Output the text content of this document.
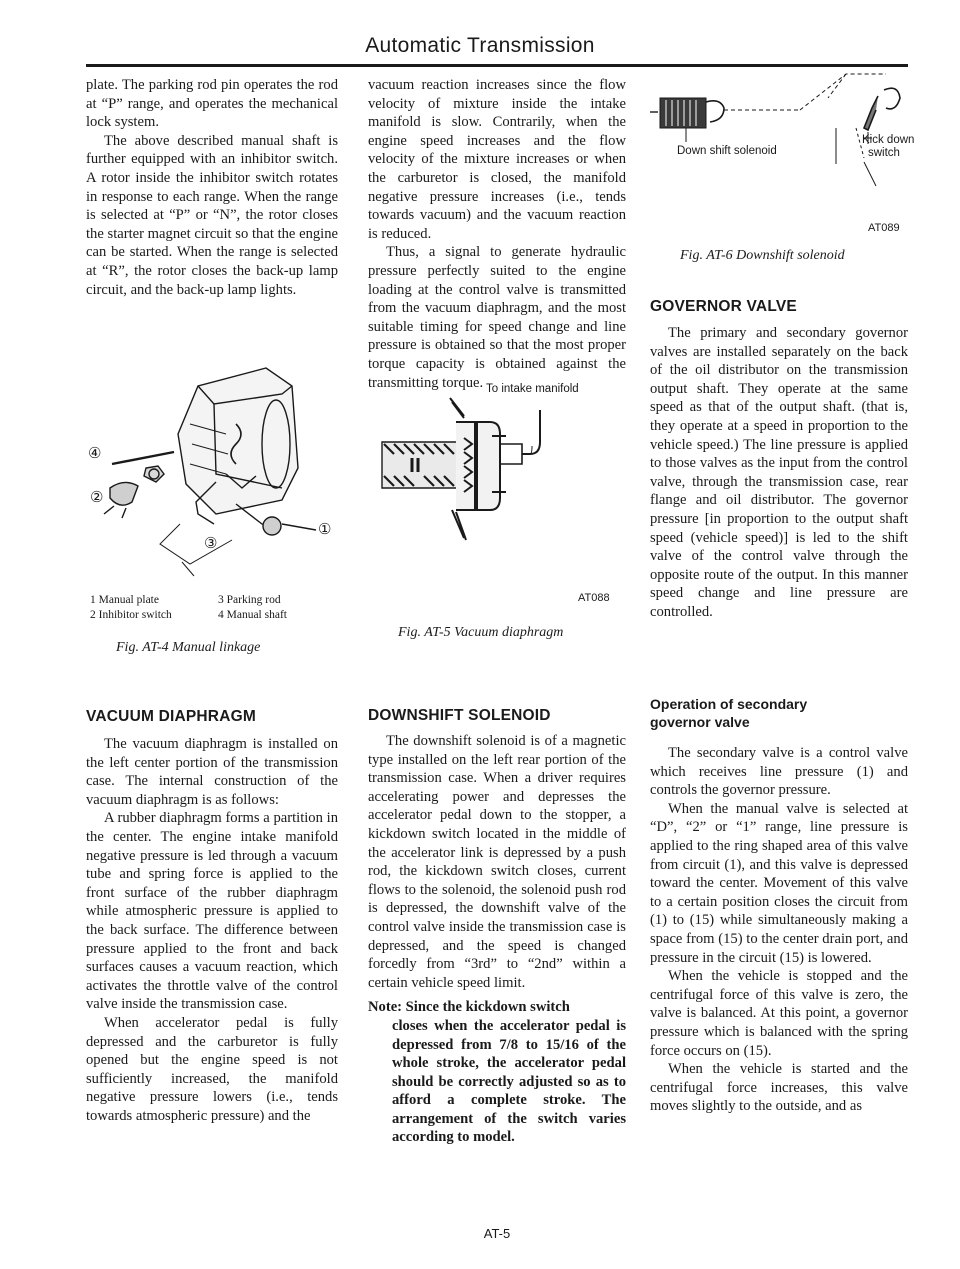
Automatic Transmission

plate. The parking rod pin operates the rod at “P” range, and operates the mechanical lock system.

The above described manual shaft is further equipped with an inhibitor switch. A rotor inside the inhibitor switch rotates in response to each range. When the range is selected at “P” or “N”, the rotor closes the starter magnet circuit so that the engine can be started. When the range is selected at “R”, the rotor closes the back-up lamp circuit, and the back-up lamp lights.

④
②
③
①
1 Manual plate
2 Inhibitor switch
3 Parking rod
4 Manual shaft
Fig. AT-4 Manual linkage
VACUUM DIAPHRAGM

The vacuum diaphragm is installed on the left center portion of the transmission case. The internal construction of the vacuum diaphragm is as follows:

A rubber diaphragm forms a partition in the center. The engine intake manifold negative pressure is led through a vacuum tube and spring force is applied to the front surface of the rubber diaphragm while atmospheric pressure is applied to the back surface. The difference between pressure applied to the front and back surfaces causes a vacuum reaction, which activates the throttle valve of the control valve inside the transmission case.

When accelerator pedal is fully depressed and the carburetor is fully opened but the engine speed is not sufficiently increased, the manifold negative pressure lowers (i.e., tends towards atmospheric pressure) and the

vacuum reaction increases since the flow velocity of mixture inside the intake manifold is slow. Contrarily, when the engine speed increases and the flow velocity of the mixture increases or when the carburetor is closed, the manifold negative pressure increases (i.e., tends towards vacuum) and the vacuum reaction is reduced.

Thus, a signal to generate hydraulic pressure perfectly suited to the engine loading at the control valve is transmitted from the vacuum diaphragm, and the most suitable timing for speed change and line pressure is obtained so that the most proper torque capacity is obtained against the transmitting torque. To intake manifold
AT088
Fig. AT-5 Vacuum diaphragm
DOWNSHIFT SOLENOID

The downshift solenoid is of a magnetic type installed on the left rear portion of the transmission case. When a driver requires accelerating power and depresses the accelerator pedal down to the stopper, a kickdown switch located in the middle of the accelerator link is depressed by a push rod, the kickdown switch closes, current flows to the solenoid, the solenoid push rod is depressed, the downshift valve of the control valve inside the transmission case is depressed, and the speed is changed forcedly from “3rd” to “2nd” within a certain vehicle speed limit.

Note: Since the kickdown switch

closes when the accelerator pedal is depressed from 7/8 to 15/16 of the whole stroke, the accelerator pedal should be correctly adjusted so as to afford a complete stroke. The arrangement of the switch varies according to model.

Down shift solenoid
Kick down
switch
AT089
Fig. AT-6 Downshift solenoid
GOVERNOR VALVE

The primary and secondary governor valves are installed separately on the back of the oil distributor on the transmission output shaft. They operate at the same speed as that of the output shaft. (that is, they operate at a speed in proportion to the vehicle speed.) The line pressure is applied to those valves as the input from the control valve, through the transmission case, rear flange and oil distributor. The governor pressure [in proportion to the output shaft speed (vehicle speed)] is led to the shift valve of the control valve through the opposite route of the output. In this manner speed change and line pressure are controlled.

Operation of secondary governor valve

The secondary valve is a control valve which receives line pressure (1) and controls the governor pressure.

When the manual valve is selected at “D”, “2” or “1” range, line pressure is applied to the ring shaped area of this valve from circuit (1), and this valve is depressed toward the center. Movement of this valve to a certain position closes the circuit from (1) to (15) while simultaneously making a space from (15) to the center drain port, and pressure in the circuit (15) is lowered.

When the vehicle is stopped and the centrifugal force of this valve is zero, the valve is balanced. At this point, a governor pressure which is balanced with the spring force occurs on (15).

When the vehicle is started and the centrifugal force increases, this valve moves slightly to the outside, and as

AT-5
